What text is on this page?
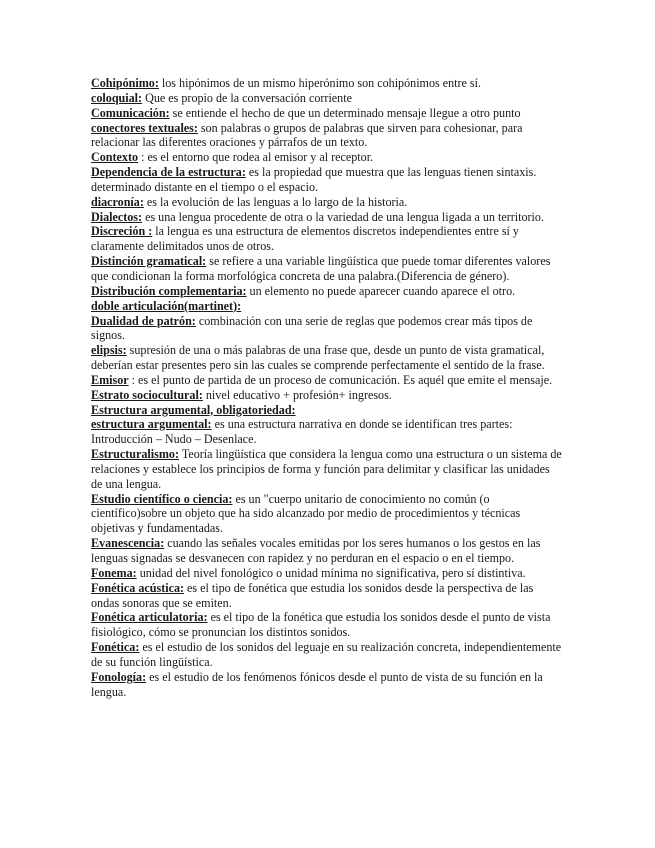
Cohipónimo: los hipónimos de un mismo hiperónimo son cohipónimos entre sí.

coloquial: Que es propio de la conversación corriente

Comunicación: se entiende el hecho de que un determinado mensaje llegue a otro punto

conectores textuales: son palabras o grupos de palabras que sirven para cohesionar, para relacionar las diferentes oraciones y párrafos de un texto.

Contexto : es el entorno que rodea al emisor y al receptor.

Dependencia de la estructura: es la propiedad que muestra que las lenguas tienen sintaxis. determinado distante en el tiempo o el espacio.

diacronía: es la evolución de las lenguas a lo largo de la historia.

Dialectos: es una lengua procedente de otra o la variedad de una lengua ligada a un territorio.

Discreción : la lengua es una estructura de elementos discretos independientes entre sí y claramente delimitados unos de otros.

Distinción gramatical: se refiere a una variable lingüística que puede tomar diferentes valores que condicionan la forma morfológica concreta de una palabra.(Diferencia de género).

Distribución complementaria: un elemento no puede aparecer cuando aparece el otro.

doble articulación(martinet):

Dualidad de patrón: combinación con una serie de reglas que podemos crear más tipos de signos.

elipsis: supresión de una o más palabras de una frase que, desde un punto de vista gramatical, deberían estar presentes pero sin las cuales se comprende perfectamente el sentido de la frase.

Emisor : es el punto de partida de un proceso de comunicación. Es aquél que emite el mensaje.

Estrato sociocultural: nivel educativo + profesión+ ingresos.

Estructura argumental, obligatoriedad:

estructura argumental: es una estructura narrativa en donde se identifican tres partes: Introducción – Nudo – Desenlace.

Estructuralismo: Teoría lingüística que considera la lengua como una estructura o un sistema de relaciones y establece los principios de forma y función para delimitar y clasificar las unidades de una lengua.

Estudio científico o ciencia: es un "cuerpo unitario de conocimiento no común (o científico)sobre un objeto que ha sido alcanzado por medio de procedimientos y técnicas objetivas y fundamentadas.

Evanescencia: cuando las señales vocales emitidas por los seres humanos o los gestos en las lenguas signadas se desvanecen con rapidez y no perduran en el espacio o en el tiempo.

Fonema: unidad del nivel fonológico o unidad mínima no significativa, pero sí distintiva.

Fonética acústica: es el tipo de fonética que estudia los sonidos desde la perspectiva de las ondas sonoras que se emiten.

Fonética articulatoria: es el tipo de la fonética que estudia los sonidos desde el punto de vista fisiológico, cómo se pronuncian los distintos sonidos.

Fonética: es el estudio de los sonidos del leguaje en su realización concreta, independientemente de su función lingüística.

Fonología: es el estudio de los fenómenos fónicos desde el punto de vista de su función en la lengua.
